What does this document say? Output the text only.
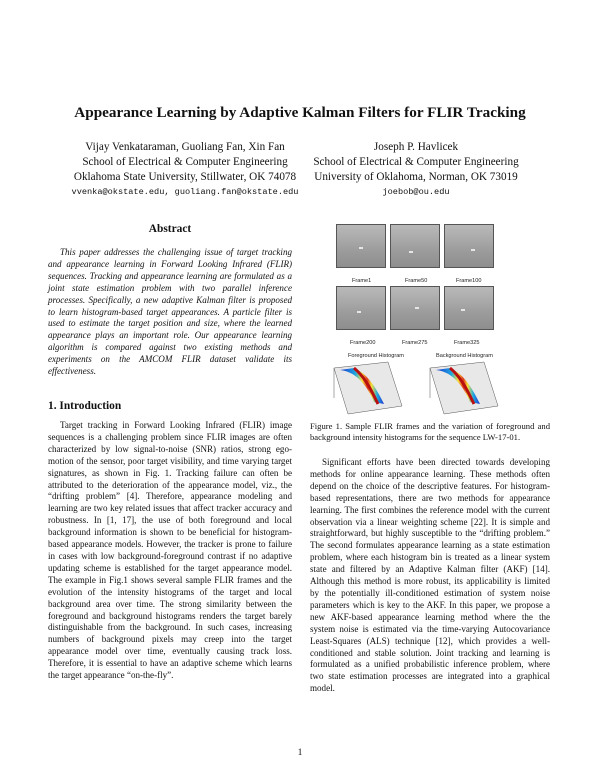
Appearance Learning by Adaptive Kalman Filters for FLIR Tracking
Vijay Venkataraman, Guoliang Fan, Xin Fan
School of Electrical & Computer Engineering
Oklahoma State University, Stillwater, OK 74078
vvenka@okstate.edu, guoliang.fan@okstate.edu
Joseph P. Havlicek
School of Electrical & Computer Engineering
University of Oklahoma, Norman, OK 73019
joebob@ou.edu
Abstract

This paper addresses the challenging issue of target tracking and appearance learning in Forward Looking Infrared (FLIR) sequences. Tracking and appearance learning are formulated as a joint state estimation problem with two parallel inference processes. Specifically, a new adaptive Kalman filter is proposed to learn histogram-based target appearances. A particle filter is used to estimate the target position and size, where the learned appearance plays an important role. Our appearance learning algorithm is compared against two existing methods and experiments on the AMCOM FLIR dataset validate its effectiveness.

1. Introduction

Target tracking in Forward Looking Infrared (FLIR) image sequences is a challenging problem since FLIR images are often characterized by low signal-to-noise (SNR) ratios, strong ego-motion of the sensor, poor target visibility, and time varying target signatures, as shown in Fig. 1. Tracking failure can often be attributed to the deterioration of the appearance model, viz., the “drifting problem” [4]. Therefore, appearance modeling and learning are two key related issues that affect tracker accuracy and robustness. In [1, 17], the use of both foreground and local background information is shown to be beneficial for histogram-based appearance models. However, the tracker is prone to failure in cases with low background-foreground contrast if no adaptive updating scheme is established for the target appearance model. The example in Fig.1 shows several sample FLIR frames and the evolution of the intensity histograms of the target and local background area over time. The strong similarity between the foreground and background histograms renders the target barely distinguishable from the background. In such cases, increasing numbers of background pixels may creep into the target appearance model over time, eventually causing track loss. Therefore, it is essential to have an adaptive scheme which learns the target appearance “on-the-fly”.

Frame1	Frame50	Frame100
Frame200	Frame275	Frame325
Foreground Histogram	Background Histogram
Figure 1. Sample FLIR frames and the variation of foreground and background intensity histograms for the sequence LW-17-01.

Significant efforts have been directed towards developing methods for online appearance learning. These methods often depend on the choice of the descriptive features. For histogram-based representations, there are two methods for appearance learning. The first combines the reference model with the current observation via a linear weighting scheme [22]. It is simple and straightforward, but highly susceptible to the “drifting problem.” The second formulates appearance learning as a state estimation problem, where each histogram bin is treated as a linear system state and filtered by an Adaptive Kalman filter (AKF) [14]. Although this method is more robust, its applicability is limited by the potentially ill-conditioned estimation of system noise parameters which is key to the AKF. In this paper, we propose a new AKF-based appearance learning method where the the system noise is estimated via the time-varying Autocovariance Least-Squares (ALS) technique [12], which provides a well-conditioned and stable solution. Joint tracking and learning is formulated as a unified probabilistic inference problem, where two state estimation processes are integrated into a graphical model.

1
